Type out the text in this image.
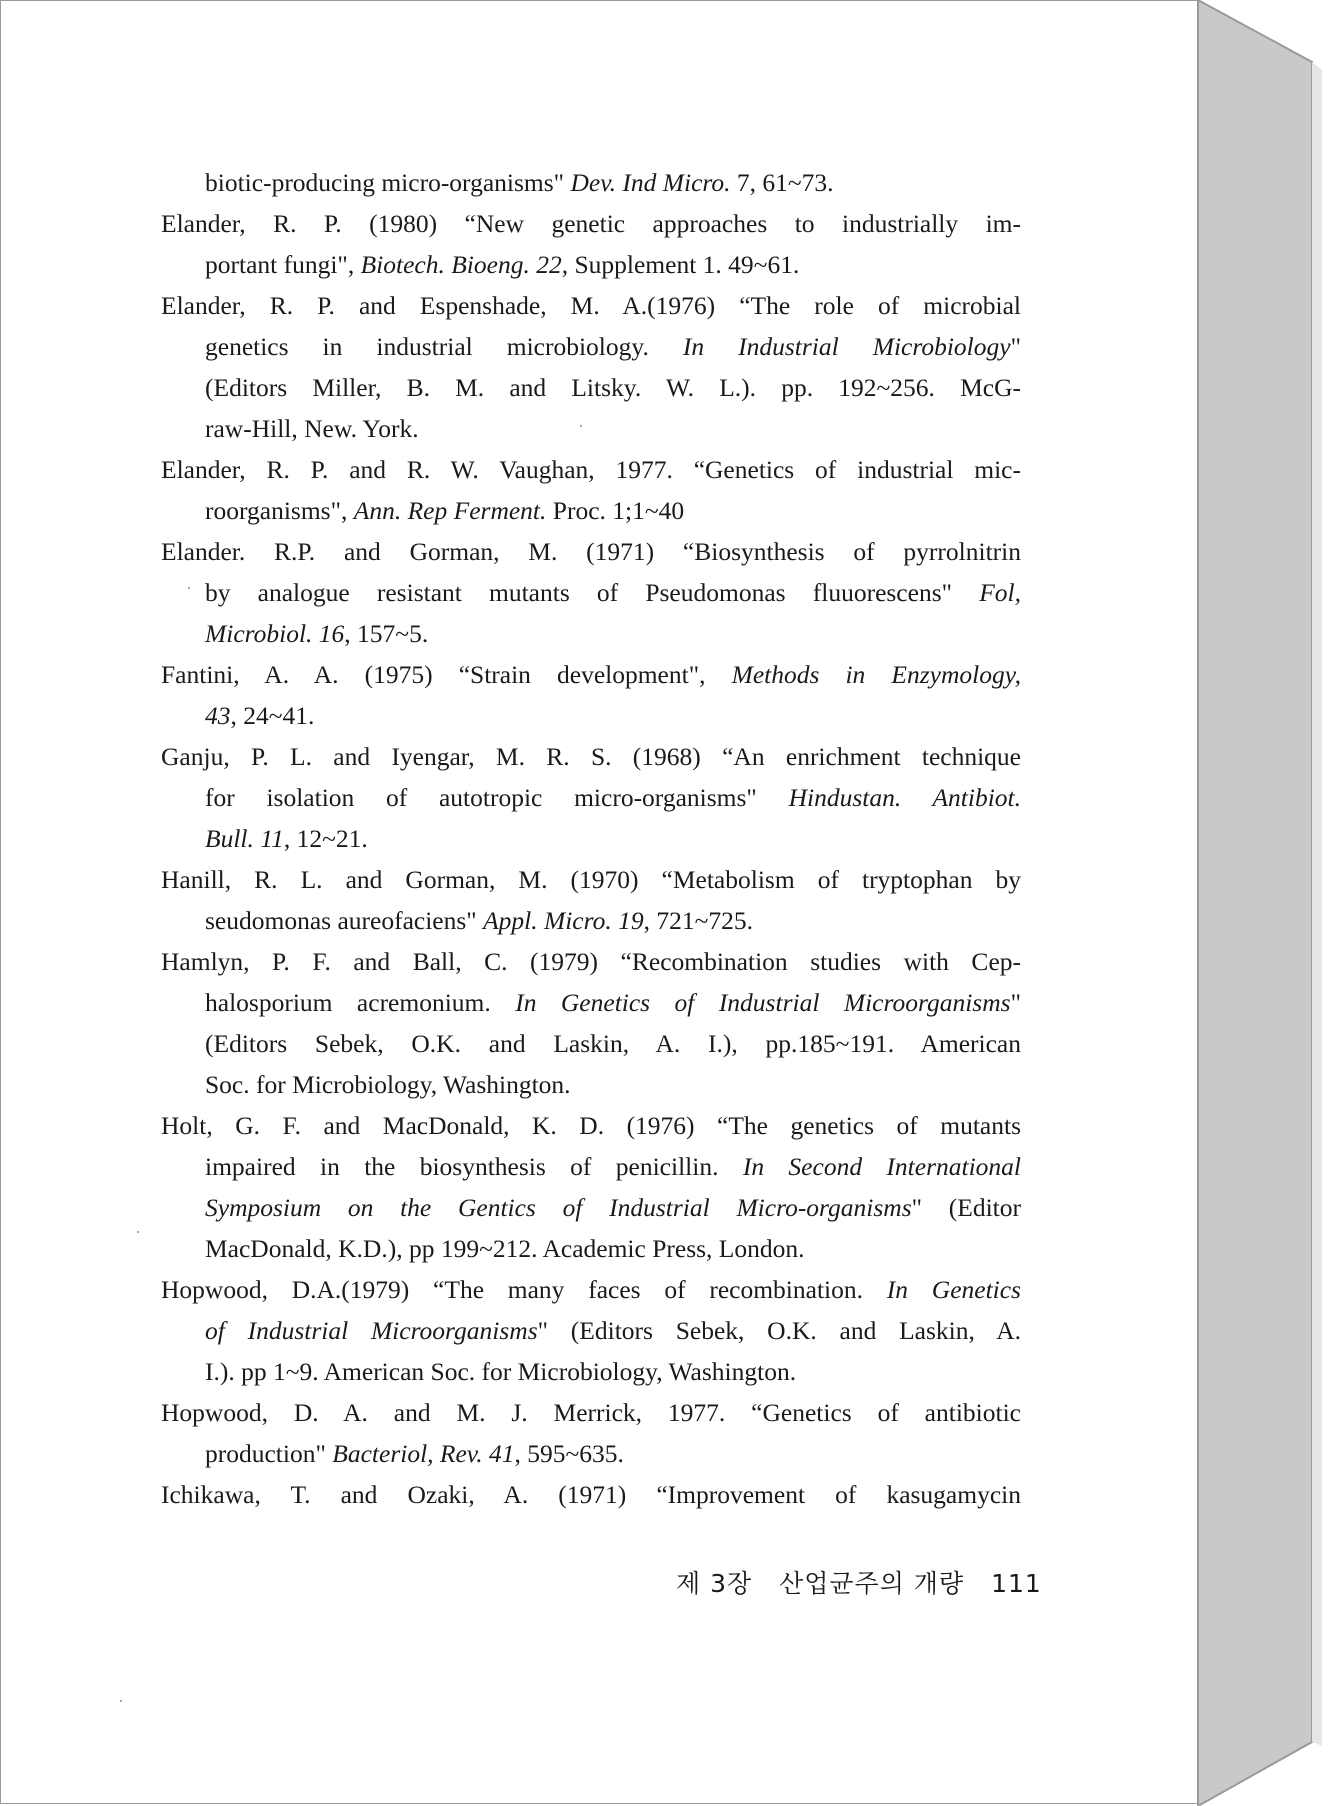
biotic-producing micro-organisms" Dev. Ind Micro. 7, 61~73.
Elander, R. P. (1980) “New genetic approaches to industrially im-
portant fungi", Biotech. Bioeng. 22, Supplement 1. 49~61.
Elander, R. P. and Espenshade, M. A.(1976) “The role of microbial
genetics in industrial microbiology. In Industrial Microbiology"
(Editors Miller, B. M. and Litsky. W. L.). pp. 192~256. McG-
raw-Hill, New. York.
Elander, R. P. and R. W. Vaughan, 1977. “Genetics of industrial mic-
roorganisms", Ann. Rep Ferment. Proc. 1;1~40
Elander. R.P. and Gorman, M. (1971) “Biosynthesis of pyrrolnitrin
by analogue resistant mutants of Pseudomonas fluuorescens" Fol,
Microbiol. 16, 157~5.
Fantini, A. A. (1975) “Strain development", Methods in Enzymology,
43, 24~41.
Ganju, P. L. and Iyengar, M. R. S. (1968) “An enrichment technique
for isolation of autotropic micro-organisms" Hindustan. Antibiot.
Bull. 11, 12~21.
Hanill, R. L. and Gorman, M. (1970) “Metabolism of tryptophan by
seudomonas aureofaciens" Appl. Micro. 19, 721~725.
Hamlyn, P. F. and Ball, C. (1979) “Recombination studies with Cep-
halosporium acremonium. In Genetics of Industrial Microorganisms"
(Editors Sebek, O.K. and Laskin, A. I.), pp.185~191. American
Soc. for Microbiology, Washington.
Holt, G. F. and MacDonald, K. D. (1976) “The genetics of mutants
impaired in the biosynthesis of penicillin. In Second International
Symposium on the Gentics of Industrial Micro-organisms" (Editor
MacDonald, K.D.), pp 199~212. Academic Press, London.
Hopwood, D.A.(1979) “The many faces of recombination. In Genetics
of Industrial Microorganisms" (Editors Sebek, O.K. and Laskin, A.
I.). pp 1~9. American Soc. for Microbiology, Washington.
Hopwood, D. A. and M. J. Merrick, 1977. “Genetics of antibiotic
production" Bacteriol, Rev. 41, 595~635.
Ichikawa, T. and Ozaki, A. (1971) “Improvement of kasugamycin
제 3장 산업균주의 개량 111
